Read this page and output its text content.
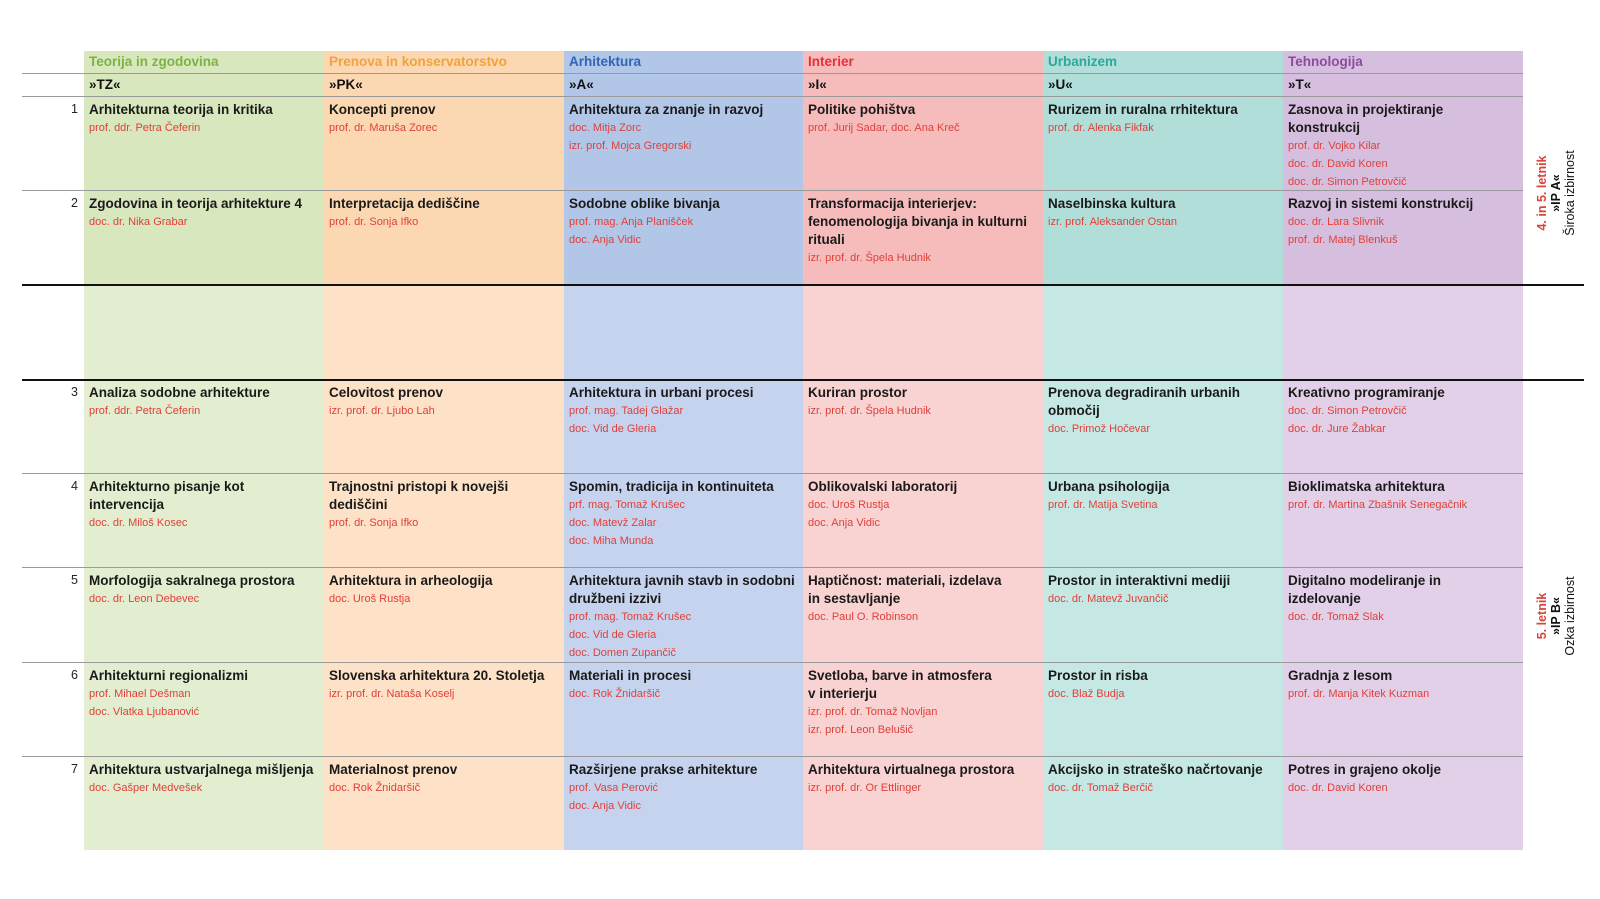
Teorija in zgodovina
»TZ«
Prenova in konservatorstvo
»PK«
Arhitektura
»A«
Interier
»I«
Urbanizem
»U«
Tehnologija
»T«
1 Arhitekturna teorija in kritika
prof. ddr. Petra Čeferin
Koncepti prenov
prof. dr. Maruša Zorec
Arhitektura za znanje in razvoj
doc. Mitja Zorc
izr. prof. Mojca Gregorski
Politike pohištva
prof. Jurij Sadar, doc. Ana Kreč
Rurizem in ruralna rrhitektura
prof. dr. Alenka Fikfak
Zasnova in projektiranje konstrukcij
prof. dr. Vojko Kilar
doc. dr. David Koren
doc. dr. Simon Petrovčič
2 Zgodovina in teorija arhitekture 4
doc. dr. Nika Grabar
Interpretacija dediščine
prof. dr. Sonja Ifko
Sodobne oblike bivanja
prof. mag. Anja Planišček
doc. Anja Vidic
Transformacija interierjev:
fenomenologija bivanja in kulturni
rituali
izr. prof. dr. Špela Hudnik
Naselbinska kultura
izr. prof. Aleksander Ostan
Razvoj in sistemi konstrukcij
doc. dr. Lara Slivnik
prof. dr. Matej Blenkuš
3 Analiza sodobne arhitekture
prof. ddr. Petra Čeferin
Celovitost prenov
izr. prof. dr. Ljubo Lah
Arhitektura in urbani procesi
prof. mag. Tadej Glažar
doc. Vid de Gleria
Kuriran prostor
izr. prof. dr. Špela Hudnik
Prenova degradiranih urbanih
območij
doc. Primož Hočevar
Kreativno programiranje
doc. dr. Simon Petrovčič
doc. dr. Jure Žabkar
4 Arhitekturno pisanje kot
intervencija
doc. dr. Miloš Kosec
Trajnostni pristopi k novejši
dediščini
prof. dr. Sonja Ifko
Spomin, tradicija in kontinuiteta
prf. mag. Tomaž Krušec
doc. Matevž Zalar
doc. Miha Munda
Oblikovalski laboratorij
doc. Uroš Rustja
doc. Anja Vidic
Urbana psihologija
prof. dr. Matija Svetina
Bioklimatska arhitektura
prof. dr. Martina Zbašnik Senegačnik
5 Morfologija sakralnega prostora
doc. dr. Leon Debevec
Arhitektura in arheologija
doc. Uroš Rustja
Arhitektura javnih stavb in sodobni
družbeni izzivi
prof. mag. Tomaž Krušec
doc. Vid de Gleria
doc. Domen Zupančič
Haptičnost: materiali, izdelava
in sestavljanje
doc. Paul O. Robinson
Prostor in interaktivni mediji
doc. dr. Matevž Juvančič
Digitalno modeliranje in izdelovanje
doc. dr. Tomaž Slak
6 Arhitekturni regionalizmi
prof. Mihael Dešman
doc. Vlatka Ljubanović
Slovenska arhitektura 20. Stoletja
izr. prof. dr. Nataša Koselj
Materiali in procesi
doc. Rok Žnidaršič
Svetloba, barve in atmosfera
v interierju
izr. prof. dr. Tomaž Novljan
izr. prof. Leon Belušič
Prostor in risba
doc. Blaž Budja
Gradnja z lesom
prof. dr. Manja Kitek Kuzman
7 Arhitektura ustvarjalnega mišljenja
doc. Gašper Medvešek
Materialnost prenov
doc. Rok Žnidaršič
Razširjene prakse arhitekture
prof. Vasa Perović
doc. Anja Vidic
Arhitektura virtualnega prostora
izr. prof. dr. Or Ettlinger
Akcijsko in strateško načrtovanje
doc. dr. Tomaž Berčič
Potres in grajeno okolje
doc. dr. David Koren
4. in 5. letnik »IP A« Široka izbirnost
5. letnik »IP B« Ozka izbirnost
